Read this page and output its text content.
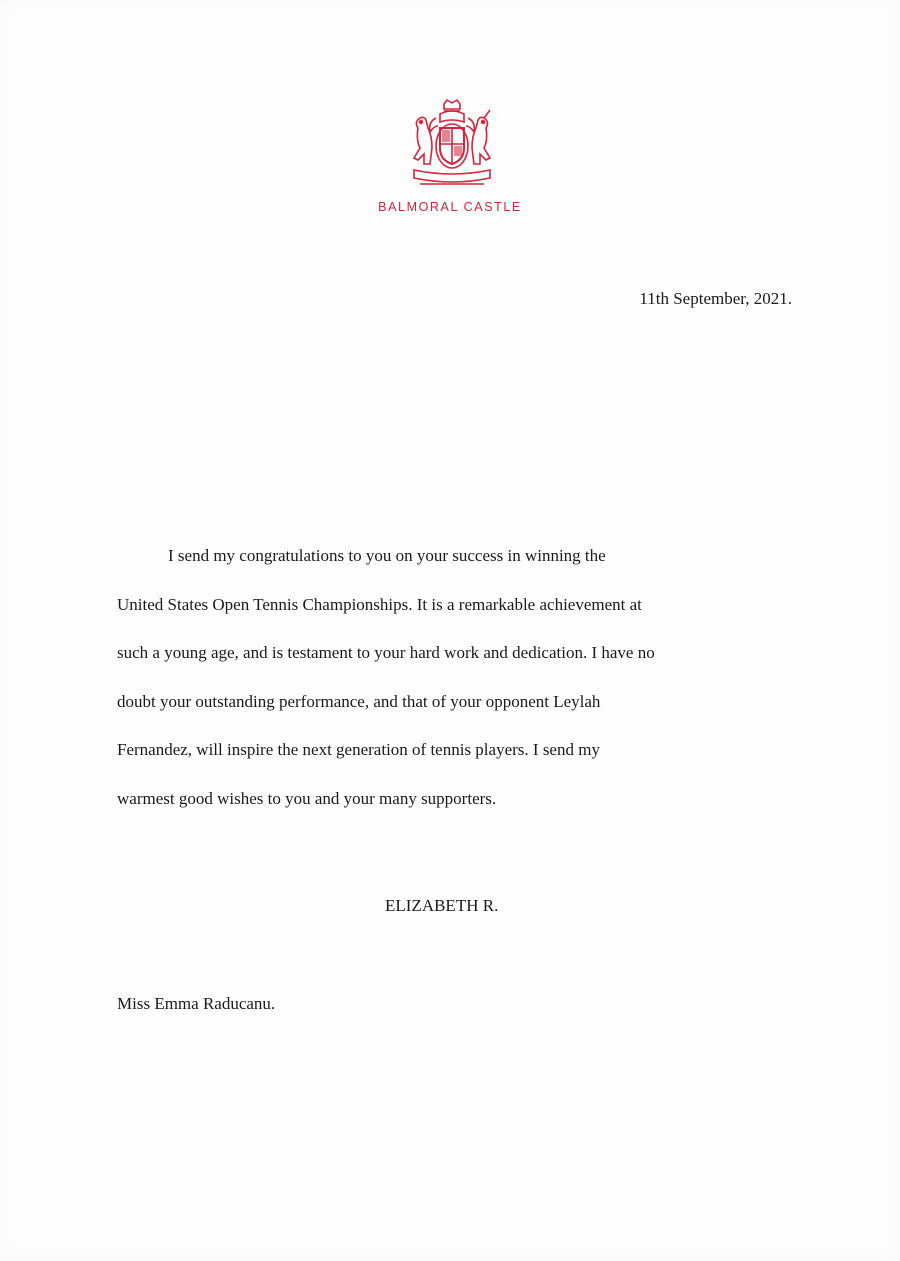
BALMORAL CASTLE
11th September, 2021.
I send my congratulations to you on your success in winning the
United States Open Tennis Championships. It is a remarkable achievement at
such a young age, and is testament to your hard work and dedication. I have no
doubt your outstanding performance, and that of your opponent Leylah
Fernandez, will inspire the next generation of tennis players. I send my
warmest good wishes to you and your many supporters.
ELIZABETH R.
Miss Emma Raducanu.
